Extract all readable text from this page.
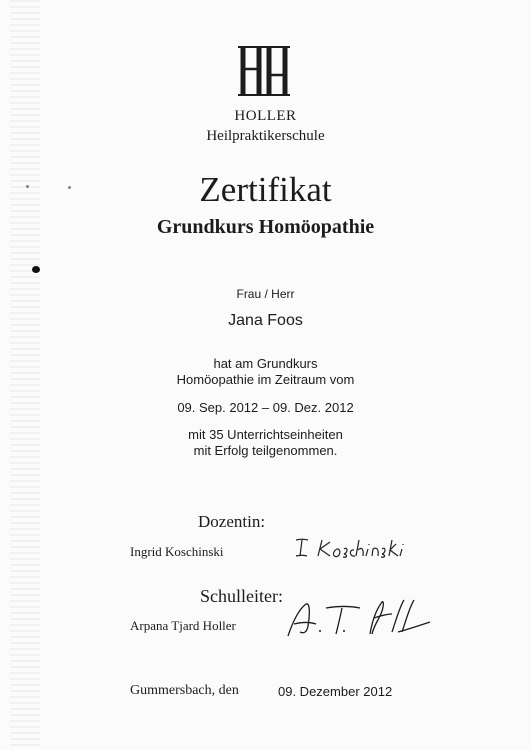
HOLLER
Heilpraktikerschule
Zertifikat
Grundkurs Homöopathie
Frau / Herr
Jana Foos
hat am Grundkurs
Homöopathie im Zeitraum vom
09. Sep. 2012 – 09. Dez. 2012
mit 35 Unterrichtseinheiten
mit Erfolg teilgenommen.
Dozentin:
Ingrid Koschinski
Schulleiter:
Arpana Tjard Holler
Gummersbach, den	09. Dezember 2012
